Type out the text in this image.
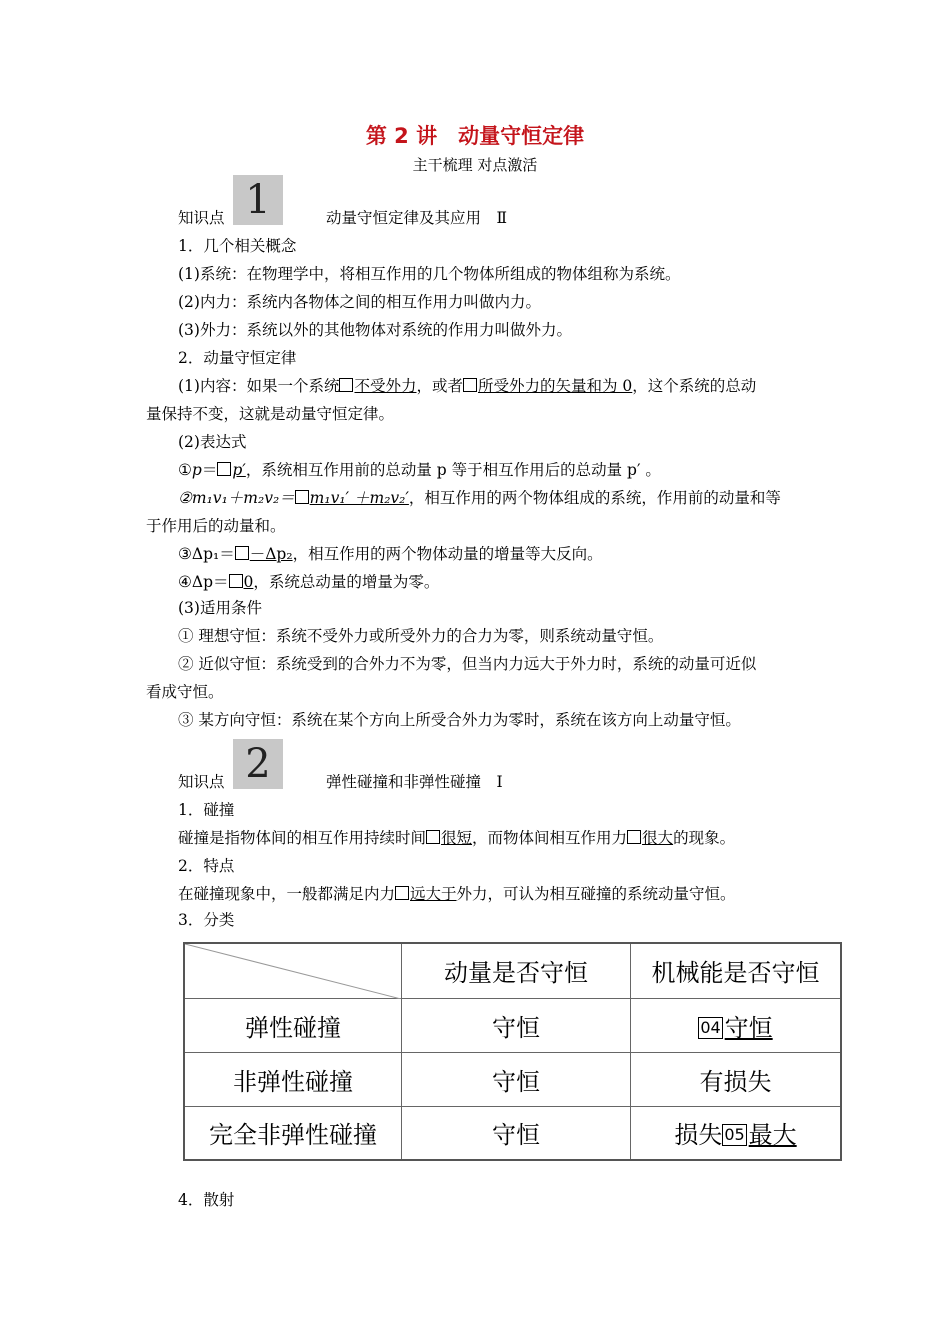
第 2 讲　动量守恒定律
主干梳理 对点激活
知识点 1	动量守恒定律及其应用　Ⅱ
1．几个相关概念
(1)系统：在物理学中，将相互作用的几个物体所组成的物体组称为系统。
(2)内力：系统内各物体之间的相互作用力叫做内力。
(3)外力：系统以外的其他物体对系统的作用力叫做外力。
2．动量守恒定律
(1)内容：如果一个系统 不受外力，或者 所受外力的矢量和为 0，这个系统的总动
量保持不变，这就是动量守恒定律。
(2)表达式
①p＝ p′，系统相互作用前的总动量 p 等于相互作用后的总动量 p′ 。
②m₁v₁＋m₂v₂＝ m₁v₁′ ＋m₂v₂′，相互作用的两个物体组成的系统，作用前的动量和等
于作用后的动量和。
③Δp₁＝ －Δp₂，相互作用的两个物体动量的增量等大反向。
④Δp＝ 0，系统总动量的增量为零。
(3)适用条件
① 理想守恒：系统不受外力或所受外力的合力为零，则系统动量守恒。
② 近似守恒：系统受到的合外力不为零，但当内力远大于外力时，系统的动量可近似
看成守恒。
③ 某方向守恒：系统在某个方向上所受合外力为零时，系统在该方向上动量守恒。
知识点 2	弹性碰撞和非弹性碰撞　Ⅰ
1．碰撞
碰撞是指物体间的相互作用持续时间 很短，而物体间相互作用力 很大的现象。
2．特点
在碰撞现象中，一般都满足内力 远大于外力，可认为相互碰撞的系统动量守恒。
3．分类
	动量是否守恒	机械能是否守恒
弹性碰撞	守恒	04 守恒
非弹性碰撞	守恒	有损失
完全非弹性碰撞	守恒	损失 05 最大
4．散射
